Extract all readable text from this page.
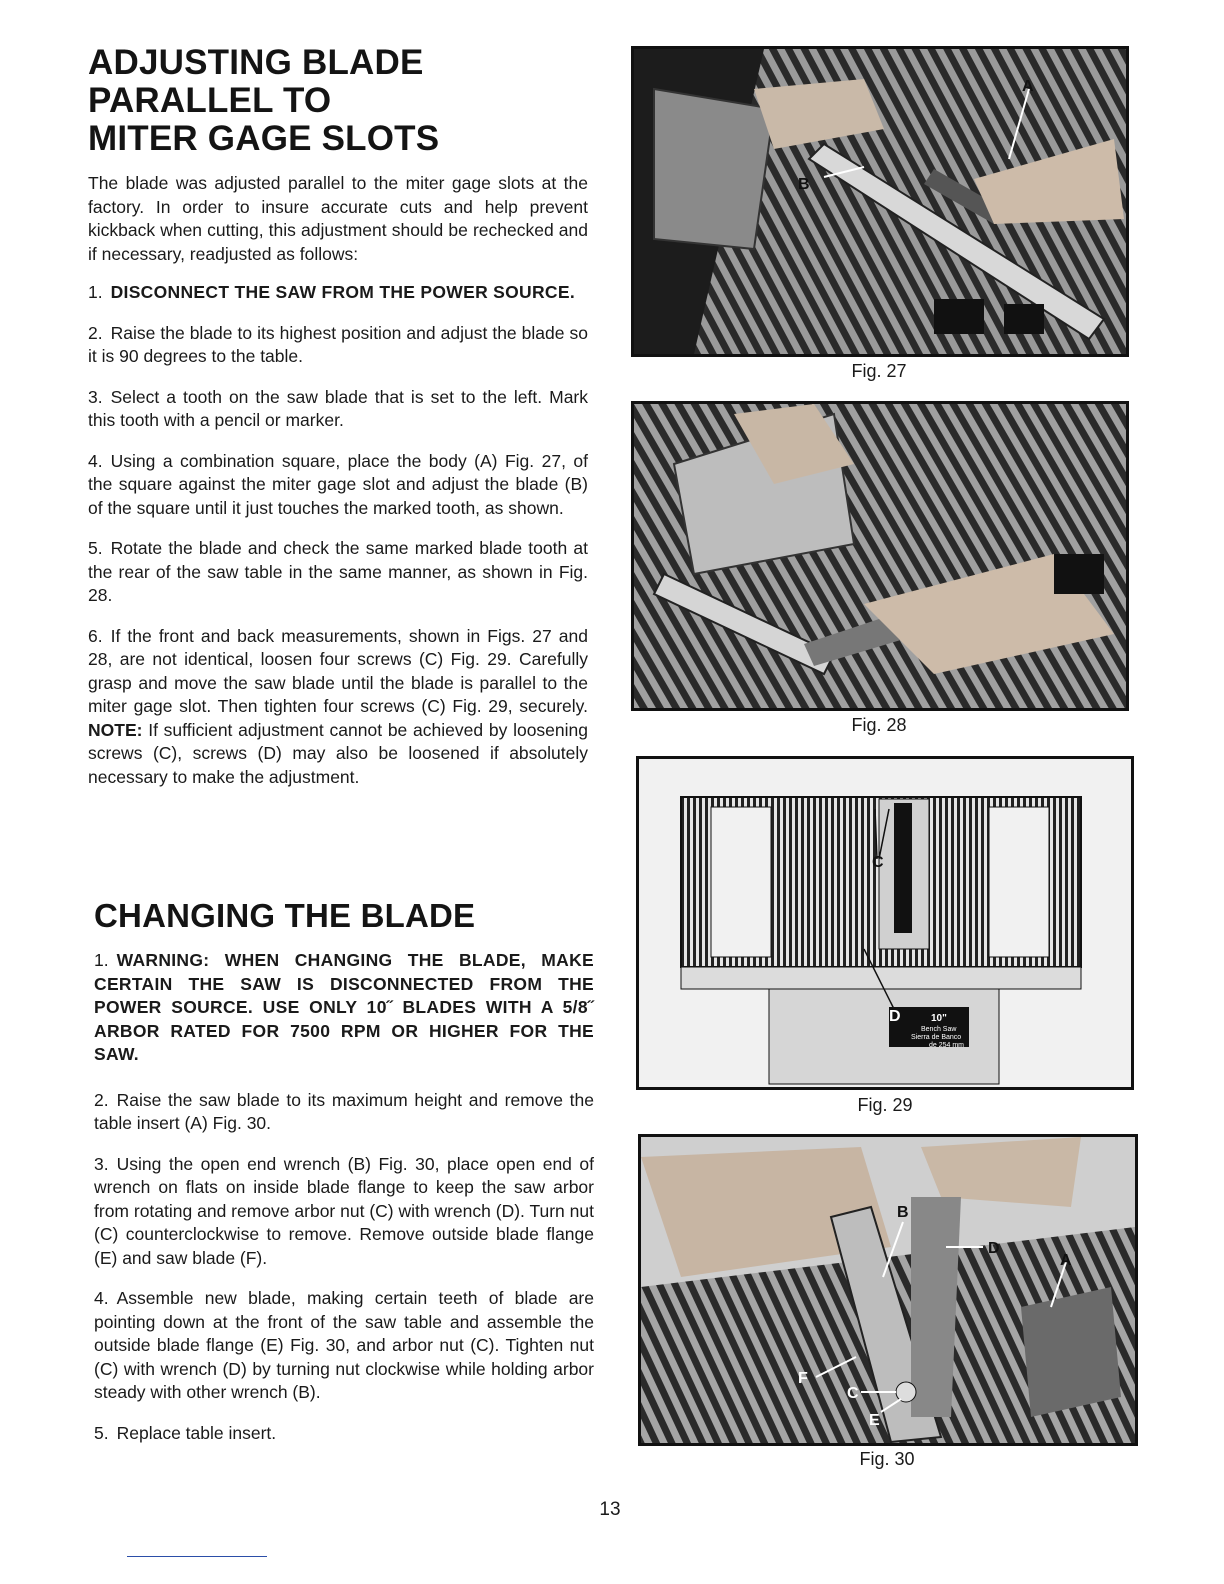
ADJUSTING BLADE
PARALLEL TO
MITER GAGE SLOTS

The blade was adjusted parallel to the miter gage slots at the factory. In order to insure accurate cuts and help prevent kickback when cutting, this adjustment should be rechecked and if necessary, readjusted as follows:

1. DISCONNECT THE SAW FROM THE POWER SOURCE.

2. Raise the blade to its highest position and adjust the blade so it is 90 degrees to the table.

3. Select a tooth on the saw blade that is set to the left. Mark this tooth with a pencil or marker.

4. Using a combination square, place the body (A) Fig. 27, of the square against the miter gage slot and adjust the blade (B) of the square until it just touches the marked tooth, as shown.

5. Rotate the blade and check the same marked blade tooth at the rear of the saw table in the same manner, as shown in Fig. 28.

6. If the front and back measurements, shown in Figs. 27 and 28, are not identical, loosen four screws (C) Fig. 29. Carefully grasp and move the saw blade until the blade is parallel to the miter gage slot. Then tighten four screws (C) Fig. 29, securely. NOTE: If sufficient adjustment cannot be achieved by loosening screws (C), screws (D) may also be loosened if absolutely necessary to make the adjustment.

CHANGING THE BLADE

1. WARNING: WHEN CHANGING THE BLADE, MAKE CERTAIN THE SAW IS DISCONNECTED FROM THE POWER SOURCE. USE ONLY 10˝ BLADES WITH A 5/8˝ ARBOR RATED FOR 7500 RPM OR HIGHER FOR THE SAW.

2. Raise the saw blade to its maximum height and remove the table insert (A) Fig. 30.

3. Using the open end wrench (B) Fig. 30, place open end of wrench on flats on inside blade flange to keep the saw arbor from rotating and remove arbor nut (C) with wrench (D). Turn nut (C) counterclockwise to remove. Remove outside blade flange (E) and saw blade (F).

4. Assemble new blade, making certain teeth of blade are pointing down at the front of the saw table and assemble the outside blade flange (E) Fig. 30, and arbor nut (C). Tighten nut (C) with wrench (D) by turning nut clockwise while holding arbor steady with other wrench (B).

5. Replace table insert.

A
B
Fig. 27
Fig. 28
10"
Bench Saw
Sierra de Banco
de 254 mm
C
D
Fig. 29
B
D
A
F
C
E
Fig. 30
13
